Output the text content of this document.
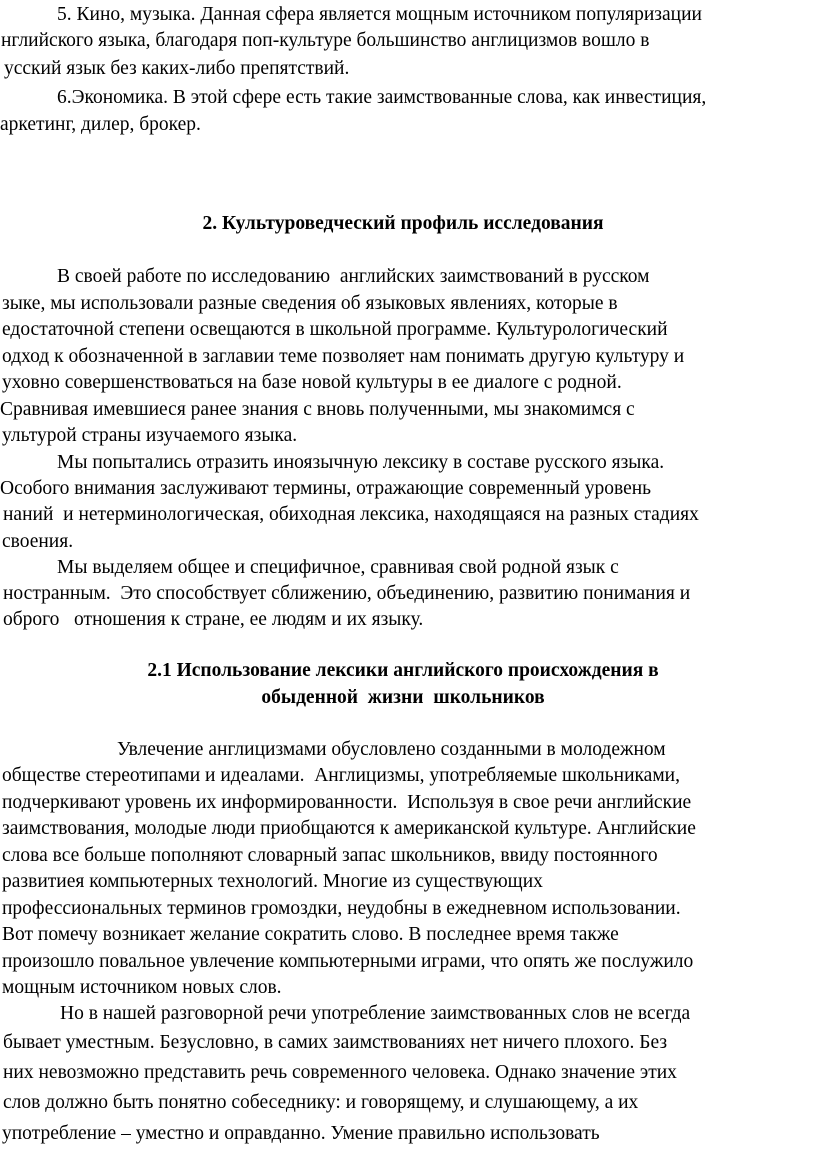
5. Кино, музыка. Данная сфера является мощным источником популяризации
нглийского языка, благодаря поп-культуре большинство англицизмов вошло в
усский язык без каких-либо препятствий.
6.Экономика. В этой сфере есть такие заимствованные слова, как инвестиция,
аркетинг, дилер, брокер.
2. Культуроведческий профиль исследования
В своей работе по исследованию  английских заимствований в русском
зыке, мы использовали разные сведения об языковых явлениях, которые в
едостаточной степени освещаются в школьной программе. Культурологический
одход к обозначенной в заглавии теме позволяет нам понимать другую культуру и
уховно совершенствоваться на базе новой культуры в ее диалоге с родной.
Сравнивая имевшиеся ранее знания с вновь полученными, мы знакомимся с
ультурой страны изучаемого языка.
Мы попытались отразить иноязычную лексику в составе русского языка.
Особого внимания заслуживают термины, отражающие современный уровень
наний  и нетерминологическая, обиходная лексика, находящаяся на разных стадиях
своения.
Мы выделяем общее и специфичное, сравнивая свой родной язык с
ностранным.  Это способствует сближению, объединению, развитию понимания и
оброго   отношения к стране, ее людям и их языку.
2.1 Использование лексики английского происхождения в
обыденной  жизни  школьников
Увлечение англицизмами обусловлено созданными в молодежном
обществе стереотипами и идеалами.  Англицизмы, употребляемые школьниками,
подчеркивают уровень их информированности.  Используя в свое речи английские
заимствования, молодые люди приобщаются к американской культуре. Английские
слова все больше пополняют словарный запас школьников, ввиду постоянного
развитиея компьютерных технологий. Многие из существующих
профессиональных терминов громоздки, неудобны в ежедневном использовании.
Вот помечу возникает желание сократить слово. В последнее время также
произошло повальное увлечение компьютерными играми, что опять же послужило
мощным источником новых слов.
Но в нашей разговорной речи употребление заимствованных слов не всегда
бывает уместным. Безусловно, в самих заимствованиях нет ничего плохого. Без
них невозможно представить речь современного человека. Однако значение этих
слов должно быть понятно собеседнику: и говорящему, и слушающему, а их
употребление – уместно и оправданно. Умение правильно использовать
